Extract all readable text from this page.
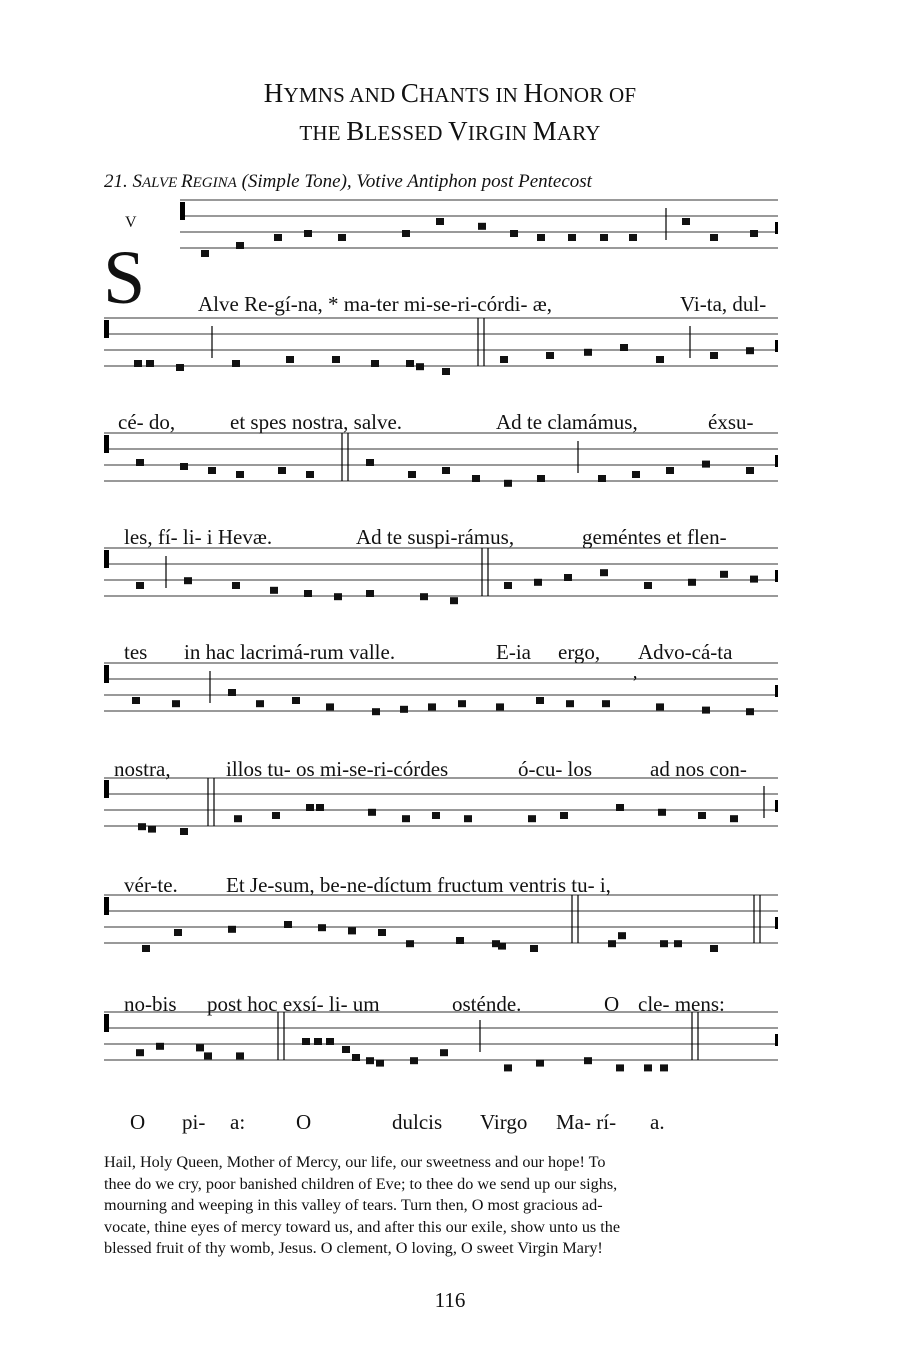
HYMNS AND CHANTS IN HONOR OF
THE BLESSED VIRGIN MARY
21. SALVE REGINA (Simple Tone), Votive Antiphon post Pentecost
V
S
ʼ
Alve Re-gí-na, * ma-ter mi-se-ri-córdi- æ,	Vi-ta, dul-
cé- do,	et spes nostra, salve.	Ad te clamámus,	éxsu-
les, fí- li- i Hevæ.	Ad te suspi-rámus,	geméntes et flen-
tes in hac lacrimá-rum valle.	E-ia ergo, Advo-cá-ta
nostra,	illos tu- os mi-se-ri-córdes	ó-cu- los	ad nos con-
vér-te. Et Je-sum, be-ne-díctum fructum ventris tu- i,
no-bis post hoc exsí- li- um	osténde.	O cle- mens:
O pi- a: O	dulcis Virgo Ma- rí- a.
Hail, Holy Queen, Mother of Mercy, our life, our sweetness and our hope! To
thee do we cry, poor banished children of Eve; to thee do we send up our sighs,
mourning and weeping in this valley of tears. Turn then, O most gracious ad-
vocate, thine eyes of mercy toward us, and after this our exile, show unto us the
blessed fruit of thy womb, Jesus. O clement, O loving, O sweet Virgin Mary!
116
